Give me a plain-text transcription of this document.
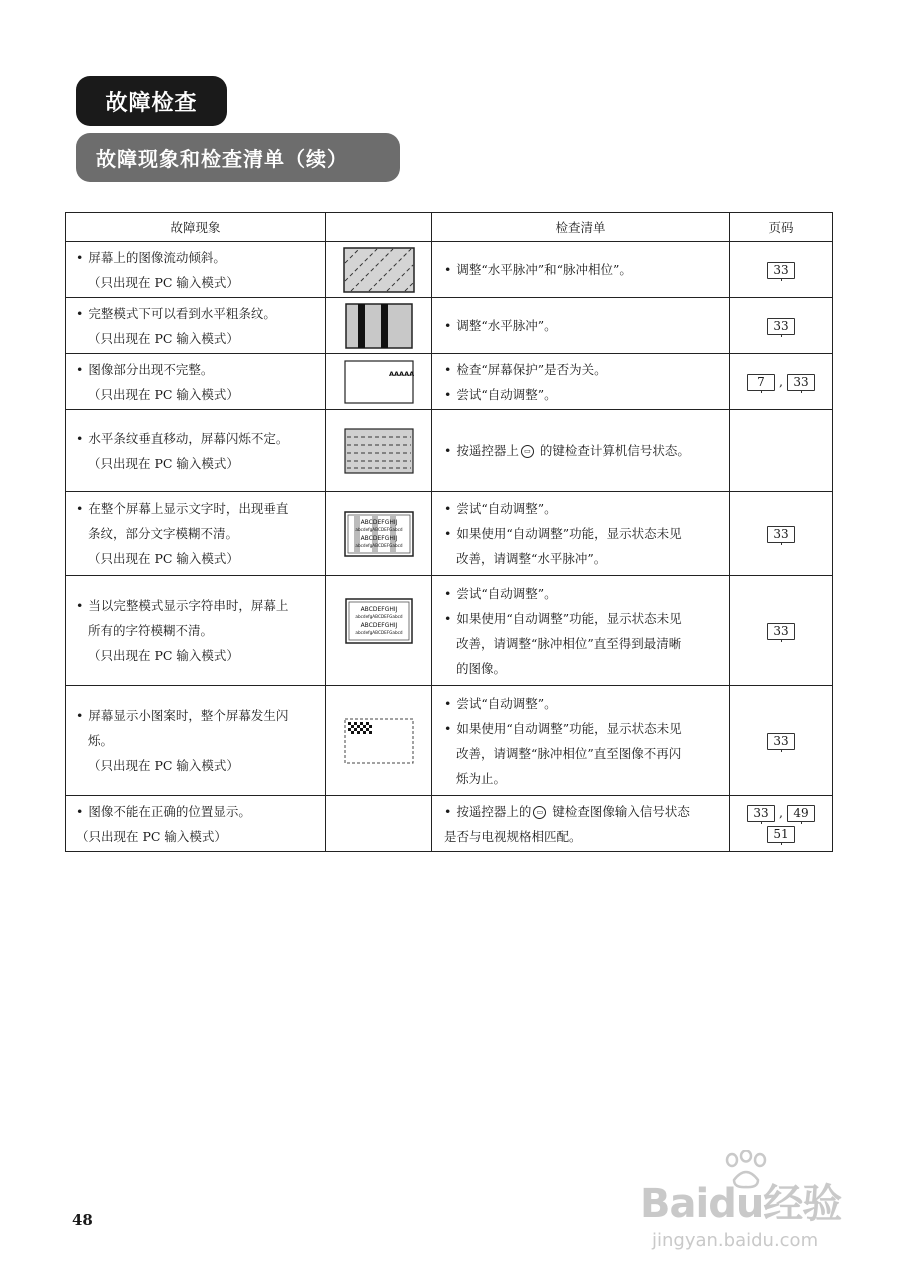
故障检查
故障现象和检查清单（续）
故障现象		检查清单	页码

• 屏幕上的图像流动倾斜。
（只出现在 PC 输入模式）		• 调整“水平脉冲”和“脉冲相位”。	33

• 完整模式下可以看到水平粗条纹。
（只出现在 PC 输入模式）		• 调整“水平脉冲”。	33

• 图像部分出现不完整。
（只出现在 PC 输入模式）	AAAAA	• 检查“屏幕保护”是否为关。
• 尝试“自动调整”。	7 , 33

• 水平条纹垂直移动，屏幕闪烁不定。
（只出现在 PC 输入模式）		• 按遥控器上 ▭ 的键检查计算机信号状态。

• 在整个屏幕上显示文字时，出现垂直
条纹，部分文字模糊不清。
（只出现在 PC 输入模式）	ABCDEFGHIJ
abcdefgABCDEFGabcd
ABCDEFGHIJ
abcdefgABCDEFGabcd	• 尝试“自动调整”。
• 如果使用“自动调整”功能，显示状态未见
改善，请调整“水平脉冲”。	33

• 当以完整模式显示字符串时，屏幕上
所有的字符模糊不清。
（只出现在 PC 输入模式）	ABCDEFGHIJ
abcdefgABCDEFGabcd
ABCDEFGHIJ
abcdefgABCDEFGabcd	• 尝试“自动调整”。
• 如果使用“自动调整”功能，显示状态未见
改善，请调整“脉冲相位”直至得到最清晰
的图像。	33

• 屏幕显示小图案时，整个屏幕发生闪
烁。
（只出现在 PC 输入模式）		• 尝试“自动调整”。
• 如果使用“自动调整”功能，显示状态未见
改善，请调整“脉冲相位”直至图像不再闪
烁为止。	33

• 图像不能在正确的位置显示。
（只出现在 PC 输入模式）		• 按遥控器上的 ▭ 键检查图像输入信号状态
是否与电视规格相匹配。	33 , 49
51
48	Baidu经验
jingyan.baidu.com
